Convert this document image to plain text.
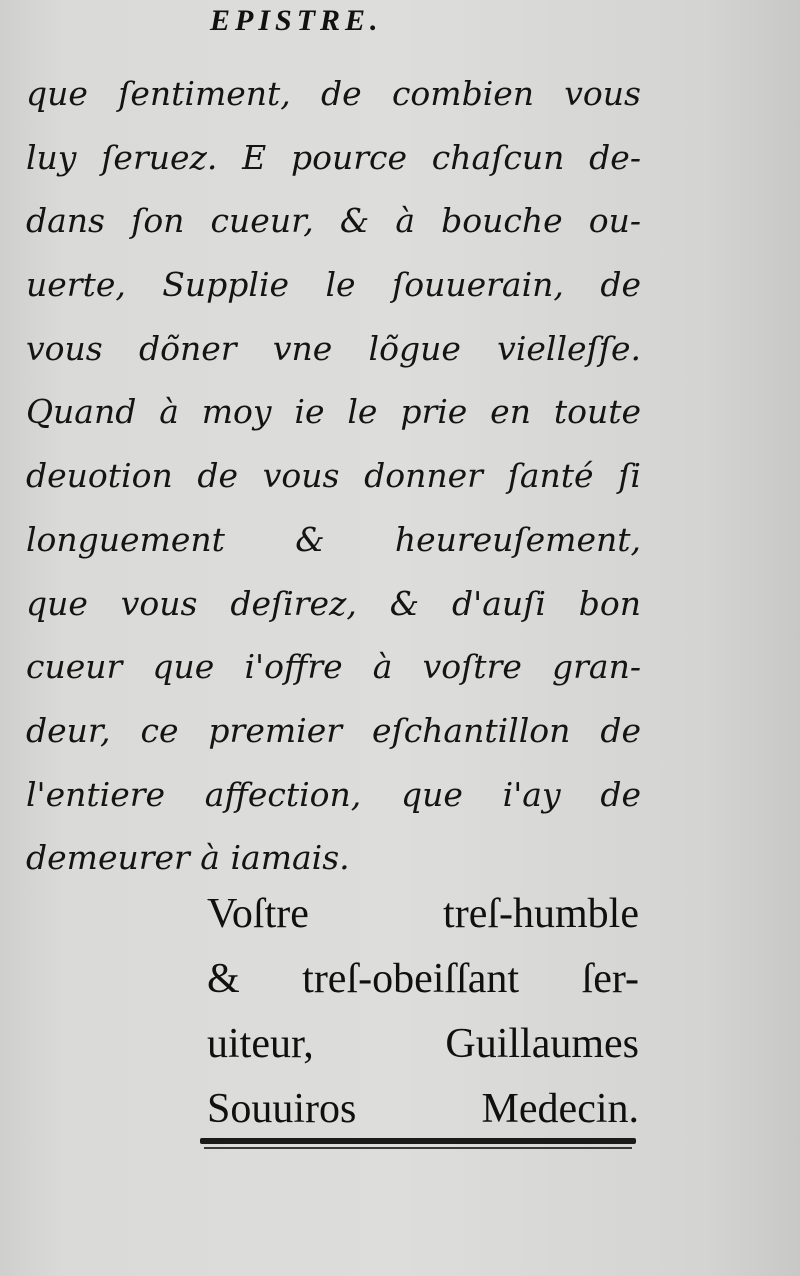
EPISTRE.
que ſentiment, de combien vous
luy ſeruez. E pource chaſcun de-
dans ſon cueur, & à bouche ou-
uerte, Supplie le ſouuerain, de
vous dõner vne lõgue vielleſſe.
Quand à moy ie le prie en toute
deuotion de vous donner ſanté ſi
longuement & heureuſement,
que vous deſirez, & d'auſi bon
cueur que i'offre à voſtre gran-
deur, ce premier eſchantillon de
l'entiere affection, que i'ay de
demeurer à iamais.
Voſtre treſ-humble
& treſ-obeiſſant ſer-
uiteur, Guillaumes
Souuiros Medecin.
